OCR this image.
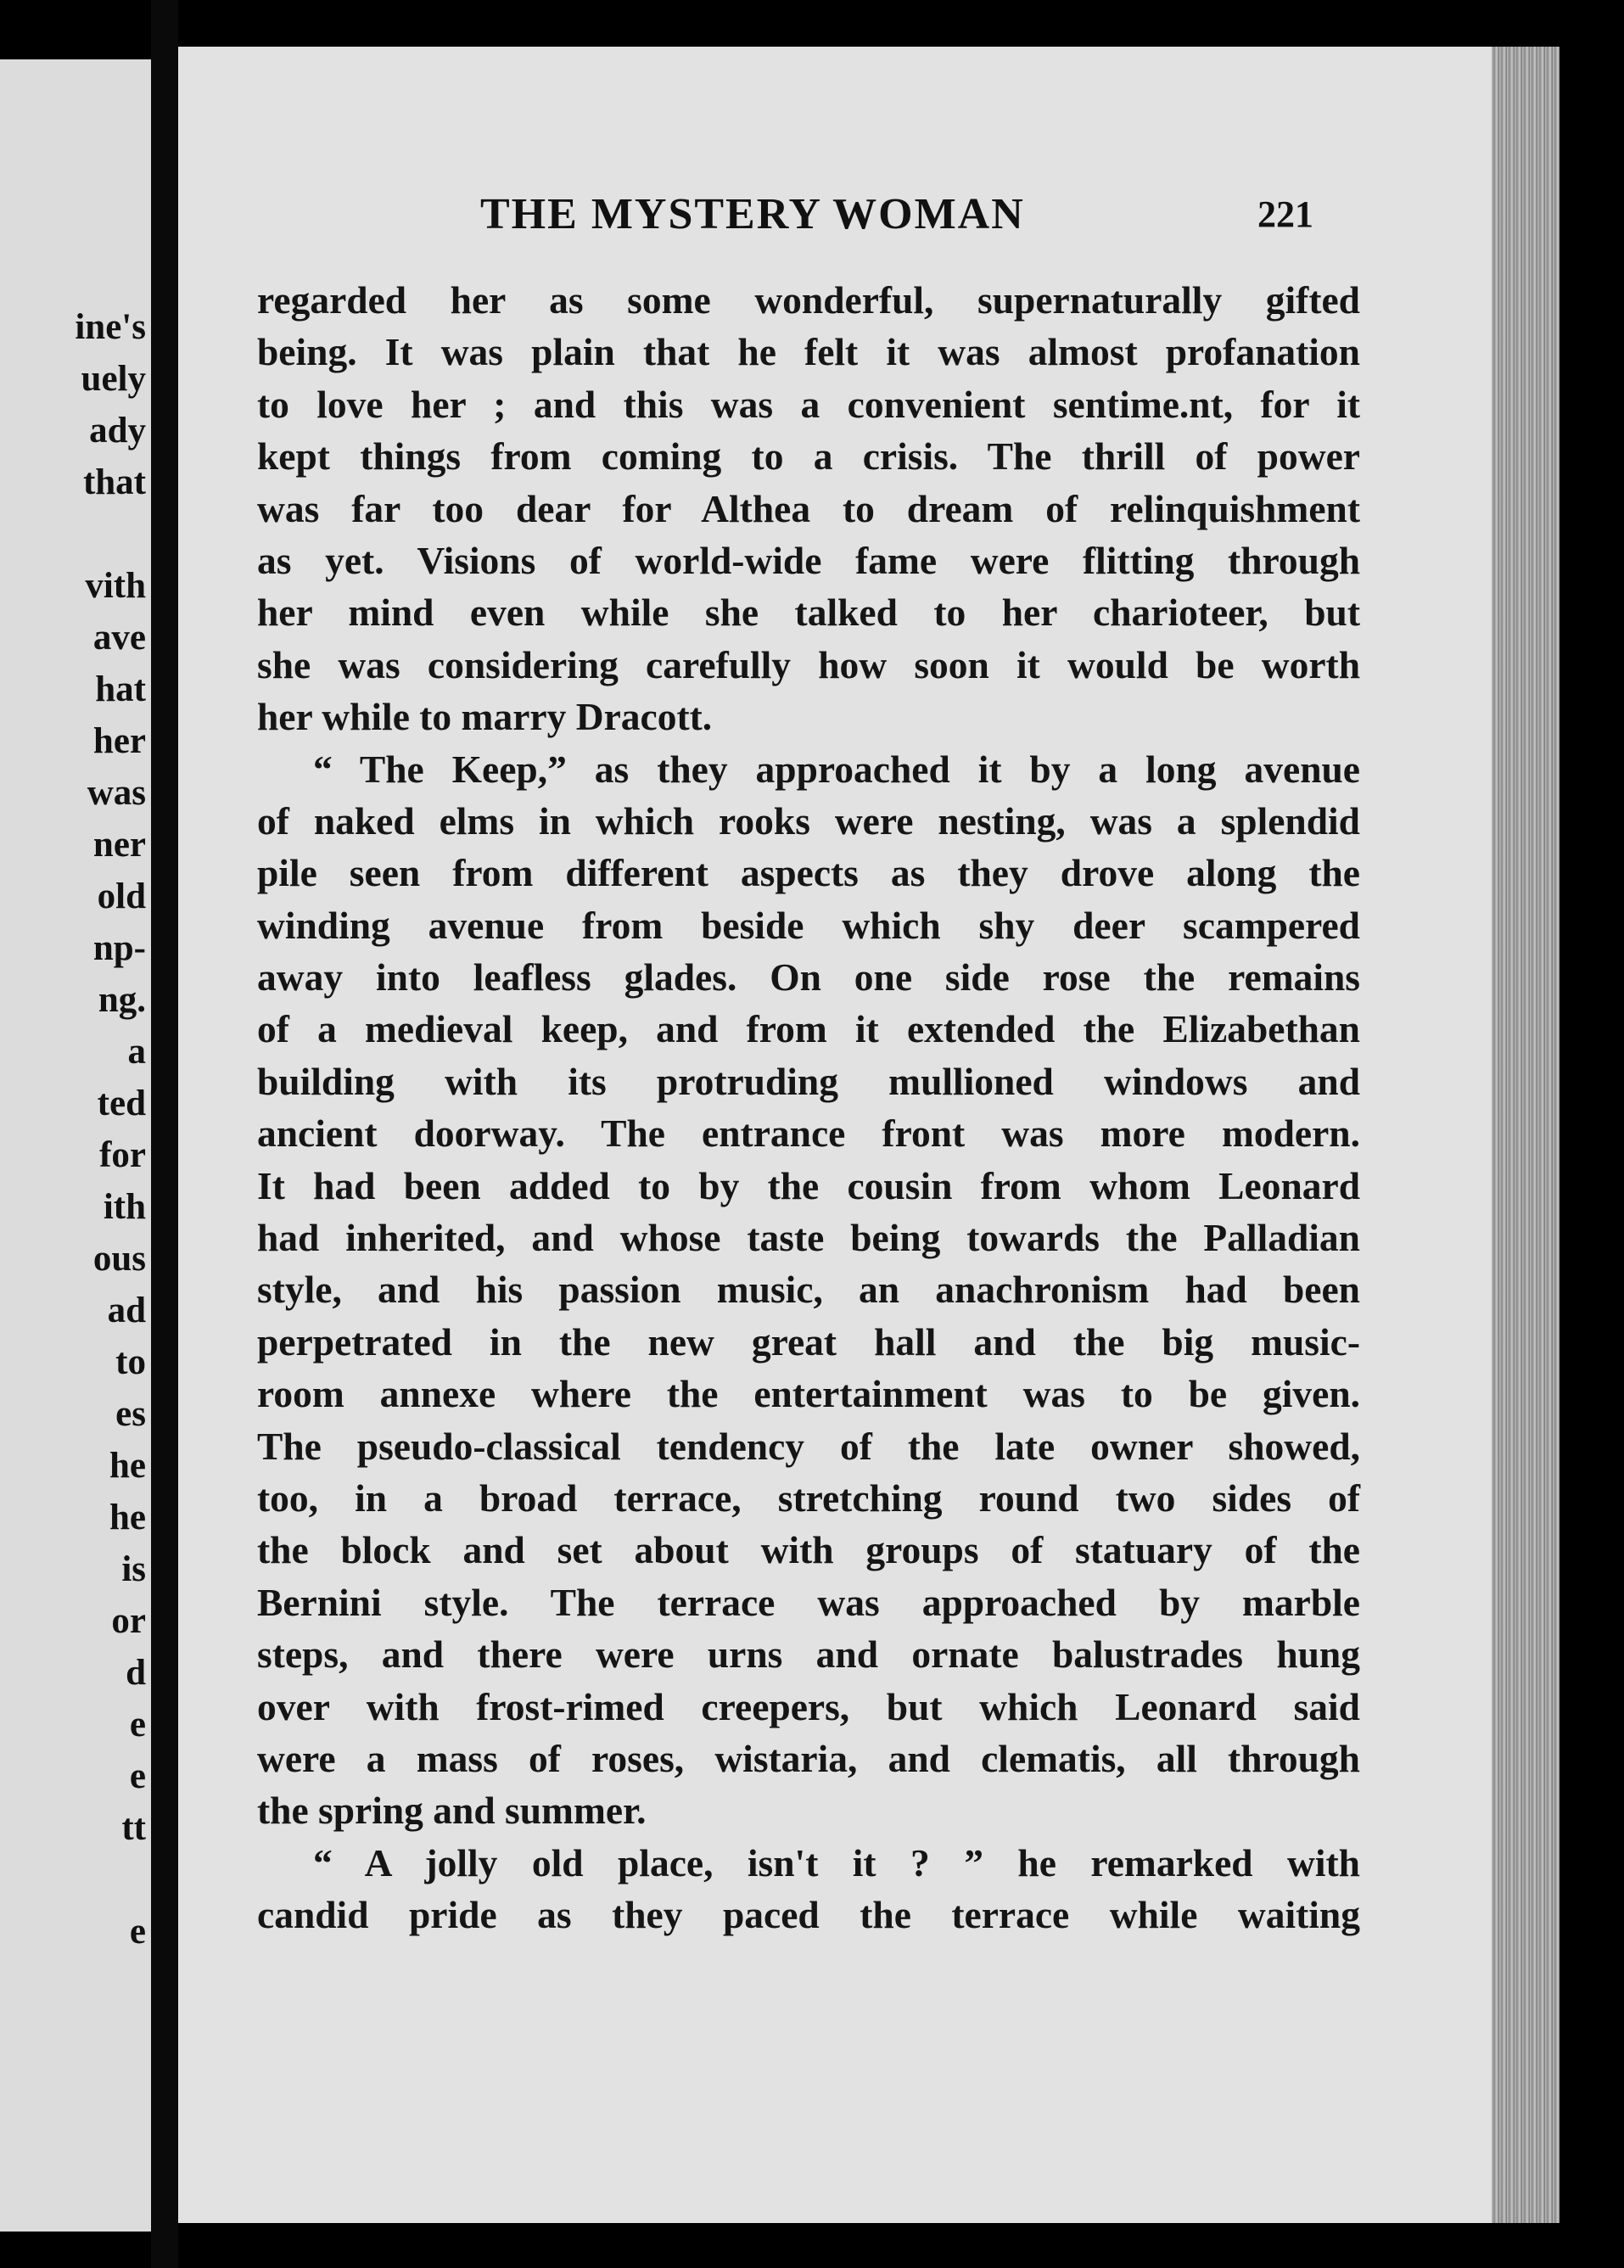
ine's
uely
ady
that
vith
ave
hat
her
was
ner
old
np-
ng.
a
ted
for
ith
ous
ad
to
es
he
he
is
or
d
e
e
tt
e
THE MYSTERY WOMAN	221
regarded her as some wonderful, supernaturally gifted
being. It was plain that he felt it was almost profanation
to love her ; and this was a convenient sentime.nt, for it
kept things from coming to a crisis. The thrill of power
was far too dear for Althea to dream of relinquishment
as yet. Visions of world-wide fame were flitting through
her mind even while she talked to her charioteer, but
she was considering carefully how soon it would be worth
her while to marry Dracott.
“ The Keep,” as they approached it by a long avenue
of naked elms in which rooks were nesting, was a splendid
pile seen from different aspects as they drove along the
winding avenue from beside which shy deer scampered
away into leafless glades. On one side rose the remains
of a medieval keep, and from it extended the Elizabethan
building with its protruding mullioned windows and
ancient doorway. The entrance front was more modern.
It had been added to by the cousin from whom Leonard
had inherited, and whose taste being towards the Palladian
style, and his passion music, an anachronism had been
perpetrated in the new great hall and the big music-
room annexe where the entertainment was to be given.
The pseudo-classical tendency of the late owner showed,
too, in a broad terrace, stretching round two sides of
the block and set about with groups of statuary of the
Bernini style. The terrace was approached by marble
steps, and there were urns and ornate balustrades hung
over with frost-rimed creepers, but which Leonard said
were a mass of roses, wistaria, and clematis, all through
the spring and summer.
“ A jolly old place, isn't it ? ” he remarked with
candid pride as they paced the terrace while waiting
